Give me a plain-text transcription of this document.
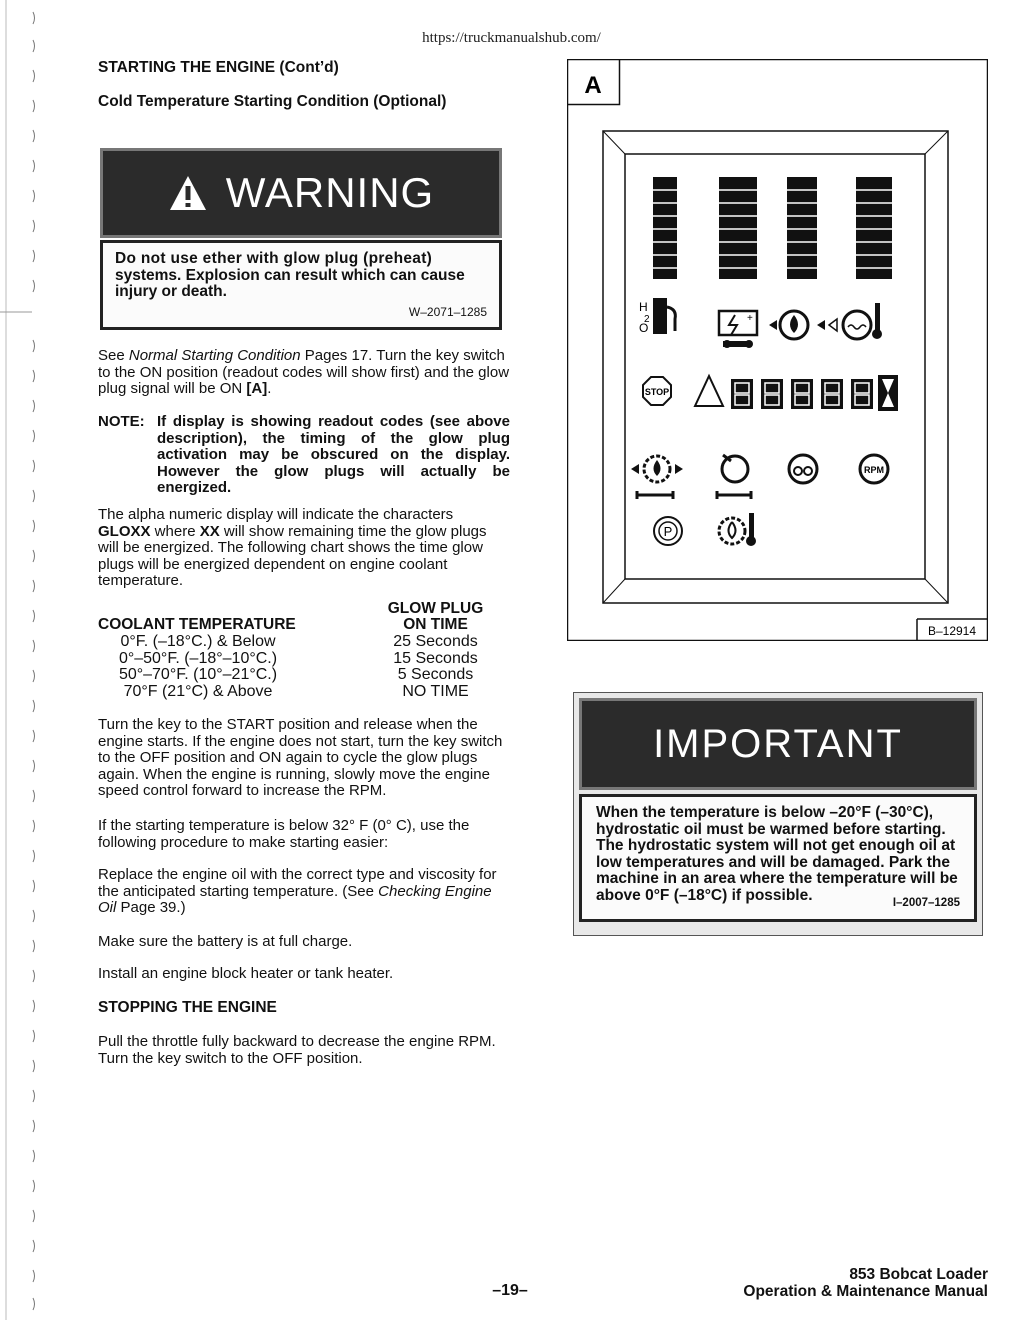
https://truckmanualshub.com/
STARTING THE ENGINE (Cont’d)
Cold Temperature Starting Condition (Optional)
WARNING
Do not use ether with glow plug (preheat)
systems. Explosion can result which can cause
injury or death.
W–2071–1285
See Normal Starting Condition Pages 17. Turn the key switch to the ON position (readout codes will show first) and the glow plug signal will be ON [A].
NOTE: If display is showing readout codes (see above description), the timing of the glow plug activation may be obscured on the display. However the glow plugs will actually be energized.
The alpha numeric display will indicate the characters GLOXX where XX will show remaining time the glow plugs will be energized. The following chart shows the time glow plugs will be energized dependent on engine coolant temperature.
GLOW PLUG
COOLANT TEMPERATURE	ON TIME
0°F. (–18°C.) & Below	25 Seconds
0°–50°F. (–18°–10°C.)	15 Seconds
50°–70°F. (10°–21°C.)	5 Seconds
70°F (21°C) & Above	NO TIME
Turn the key to the START position and release when the engine starts. If the engine does not start, turn the key switch to the OFF position and ON again to cycle the glow plugs again. When the engine is running, slowly move the engine speed control forward to increase the RPM.
If the starting temperature is below 32° F (0° C), use the following procedure to make starting easier:
Replace the engine oil with the correct type and viscosity for the anticipated starting temperature. (See Checking Engine Oil Page 39.)
Make sure the battery is at full charge.
Install an engine block heater or tank heater.
STOPPING THE ENGINE
Pull the throttle fully backward to decrease the engine RPM. Turn the key switch to the OFF position.
A
H
2
O
+
STOP
RPM
P
B–12914
IMPORTANT
When the temperature is below –20°F (–30°C), hydrostatic oil must be warmed before starting. The hydrostatic system will not get enough oil at low temperatures and will be damaged. Park the machine in an area where the temperature will be above 0°F (–18°C) if possible.	I–2007–1285
–19–
853 Bobcat Loader
Operation & Maintenance Manual
